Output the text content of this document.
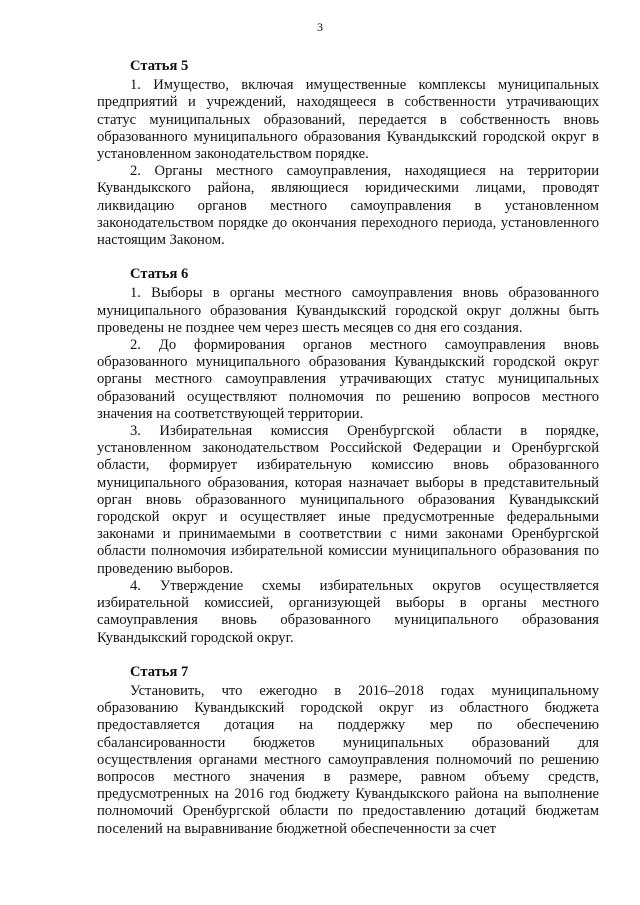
3

Статья 5

1. Имущество, включая имущественные комплексы муниципальных предприятий и учреждений, находящееся в собственности утрачивающих статус муниципальных образований, передается в собственность вновь образованного муниципального образования Кувандыкский городской округ в установленном законодательством порядке.

2. Органы местного самоуправления, находящиеся на территории Кувандыкского района, являющиеся юридическими лицами, проводят ликвидацию органов местного самоуправления в установленном законодательством порядке до окончания переходного периода, установленного настоящим Законом.

Статья 6

1. Выборы в органы местного самоуправления вновь образованного муниципального образования Кувандыкский городской округ должны быть проведены не позднее чем через шесть месяцев со дня его создания.

2. До формирования органов местного самоуправления вновь образованного муниципального образования Кувандыкский городской округ органы местного самоуправления утрачивающих статус муниципальных образований осуществляют полномочия по решению вопросов местного значения на соответствующей территории.

3. Избирательная комиссия Оренбургской области в порядке, установленном законодательством Российской Федерации и Оренбургской области, формирует избирательную комиссию вновь образованного муниципального образования, которая назначает выборы в представительный орган вновь образованного муниципального образования Кувандыкский городской округ и осуществляет иные предусмотренные федеральными законами и принимаемыми в соответствии с ними законами Оренбургской области полномочия избирательной комиссии муниципального образования по проведению выборов.

4. Утверждение схемы избирательных округов осуществляется избирательной комиссией, организующей выборы в органы местного самоуправления вновь образованного муниципального образования Кувандыкский городской округ.

Статья 7

Установить, что ежегодно в 2016–2018 годах муниципальному образованию Кувандыкский городской округ из областного бюджета предоставляется дотация на поддержку мер по обеспечению сбалансированности бюджетов муниципальных образований для осуществления органами местного самоуправления полномочий по решению вопросов местного значения в размере, равном объему средств, предусмотренных на 2016 год бюджету Кувандыкского района на выполнение полномочий Оренбургской области по предоставлению дотаций бюджетам поселений на выравнивание бюджетной обеспеченности за счет
